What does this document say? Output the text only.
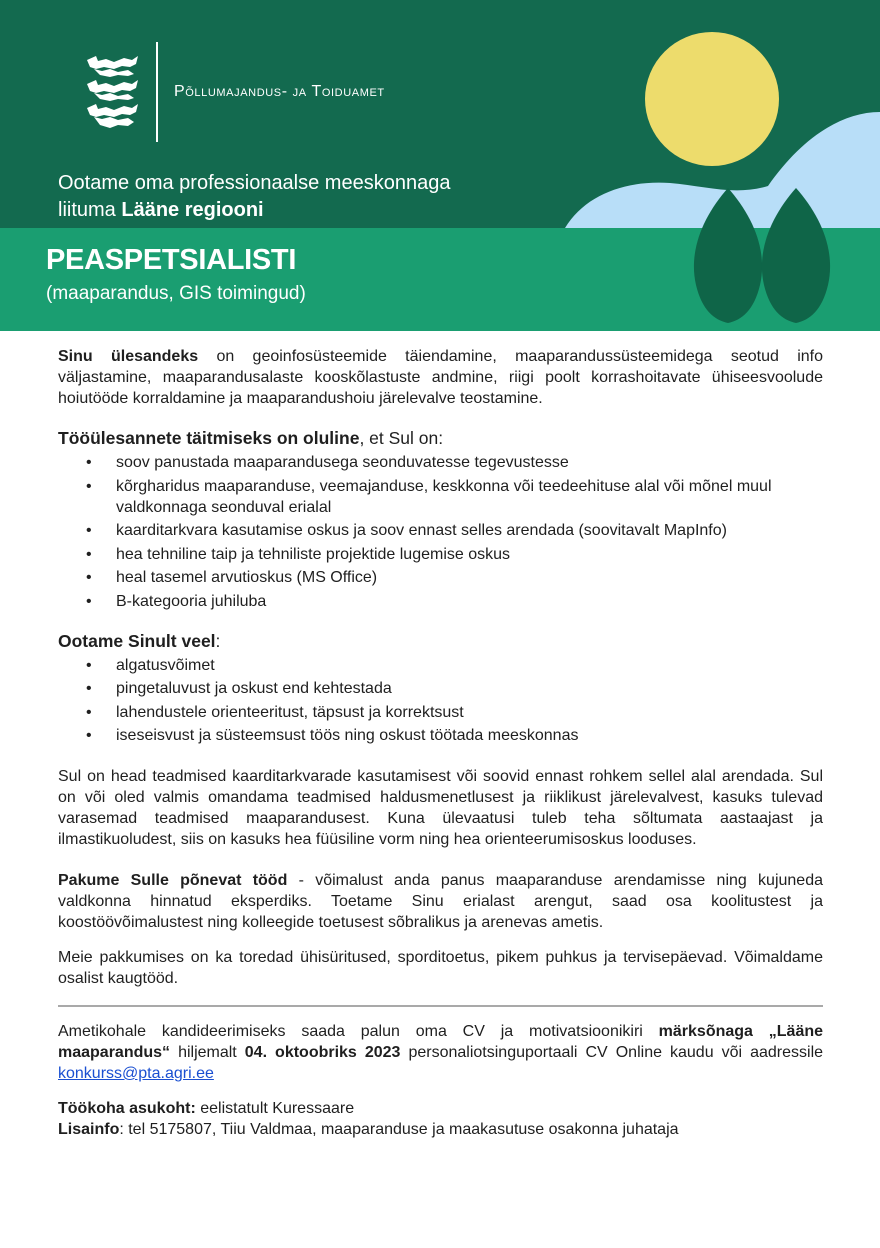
Põllumajandus- ja Toiduamet
Ootame oma professionaalse meeskonnaga
liituma Lääne regiooni
PEASPETSIALISTI
(maaparandus, GIS toimingud)

Sinu ülesandeks on geoinfosüsteemide täiendamine, maaparandussüsteemidega seotud info väljastamine, maaparandusalaste kooskõlastuste andmine, riigi poolt korrashoitavate ühiseesvoolude hoiutööde korraldamine ja maaparandushoiu järelevalve teostamine.

Tööülesannete täitmiseks on oluline, et Sul on:
• soov panustada maaparandusega seonduvatesse tegevustesse
• kõrgharidus maaparanduse, veemajanduse, keskkonna või teedeehituse alal või mõnel muul valdkonnaga seonduval erialal
• kaarditarkvara kasutamise oskus ja soov ennast selles arendada (soovitavalt MapInfo)
• hea tehniline taip ja tehniliste projektide lugemise oskus
• heal tasemel arvutioskus (MS Office)
• B-kategooria juhiluba
Ootame Sinult veel:
• algatusvõimet
• pingetaluvust ja oskust end kehtestada
• lahendustele orienteeritust, täpsust ja korrektsust
• iseseisvust ja süsteemsust töös ning oskust töötada meeskonnas

Sul on head teadmised kaarditarkvarade kasutamisest või soovid ennast rohkem sellel alal arendada. Sul on või oled valmis omandama teadmised haldusmenetlusest ja riiklikust järelevalvest, kasuks tulevad varasemad teadmised maaparandusest. Kuna ülevaatusi tuleb teha sõltumata aastaajast ja ilmastikuoludest, siis on kasuks hea füüsiline vorm ning hea orienteerumisoskus looduses.

Pakume Sulle põnevat tööd - võimalust anda panus maaparanduse arendamisse ning kujuneda valdkonna hinnatud eksperdiks. Toetame Sinu erialast arengut, saad osa koolitustest ja koostöövõimalustest ning kolleegide toetusest sõbralikus ja arenevas ametis.

Meie pakkumises on ka toredad ühisüritused, sporditoetus, pikem puhkus ja tervisepäevad. Võimaldame osalist kaugtööd.

Ametikohale kandideerimiseks saada palun oma CV ja motivatsioonikiri märksõnaga „Lääne maaparandus“ hiljemalt 04. oktoobriks 2023 personaliotsinguportaali CV Online kaudu või aadressile konkurss@pta.agri.ee

Töökoha asukoht: eelistatult Kuressaare

Lisainfo: tel 5175807, Tiiu Valdmaa, maaparanduse ja maakasutuse osakonna juhataja
